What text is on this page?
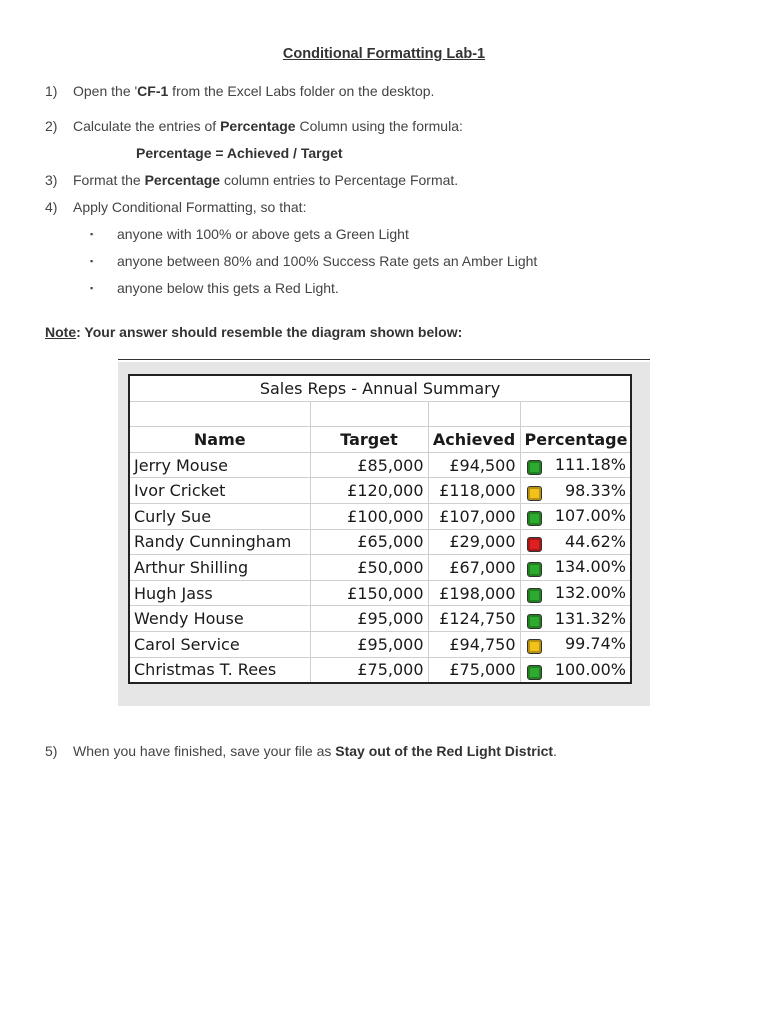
Conditional Formatting Lab-1
1) Open the 'CF-1 from the Excel Labs folder on the desktop.
2) Calculate the entries of Percentage Column using the formula:
Percentage = Achieved / Target
3) Format the Percentage column entries to Percentage Format.
4) Apply Conditional Formatting, so that:
▪ anyone with 100% or above gets a Green Light
▪ anyone between 80% and 100% Success Rate gets an Amber Light
▪ anyone below this gets a Red Light.
Note: Your answer should resemble the diagram shown below:
Sales Reps - Annual Summary			

Name	Target	Achieved	Percentage
Jerry Mouse	£85,000	£94,500	111.18%
Ivor Cricket	£120,000	£118,000	98.33%
Curly Sue	£100,000	£107,000	107.00%
Randy Cunningham	£65,000	£29,000	44.62%
Arthur Shilling	£50,000	£67,000	134.00%
Hugh Jass	£150,000	£198,000	132.00%
Wendy House	£95,000	£124,750	131.32%
Carol Service	£95,000	£94,750	99.74%
Christmas T. Rees	£75,000	£75,000	100.00%
5) When you have finished, save your file as Stay out of the Red Light District.
